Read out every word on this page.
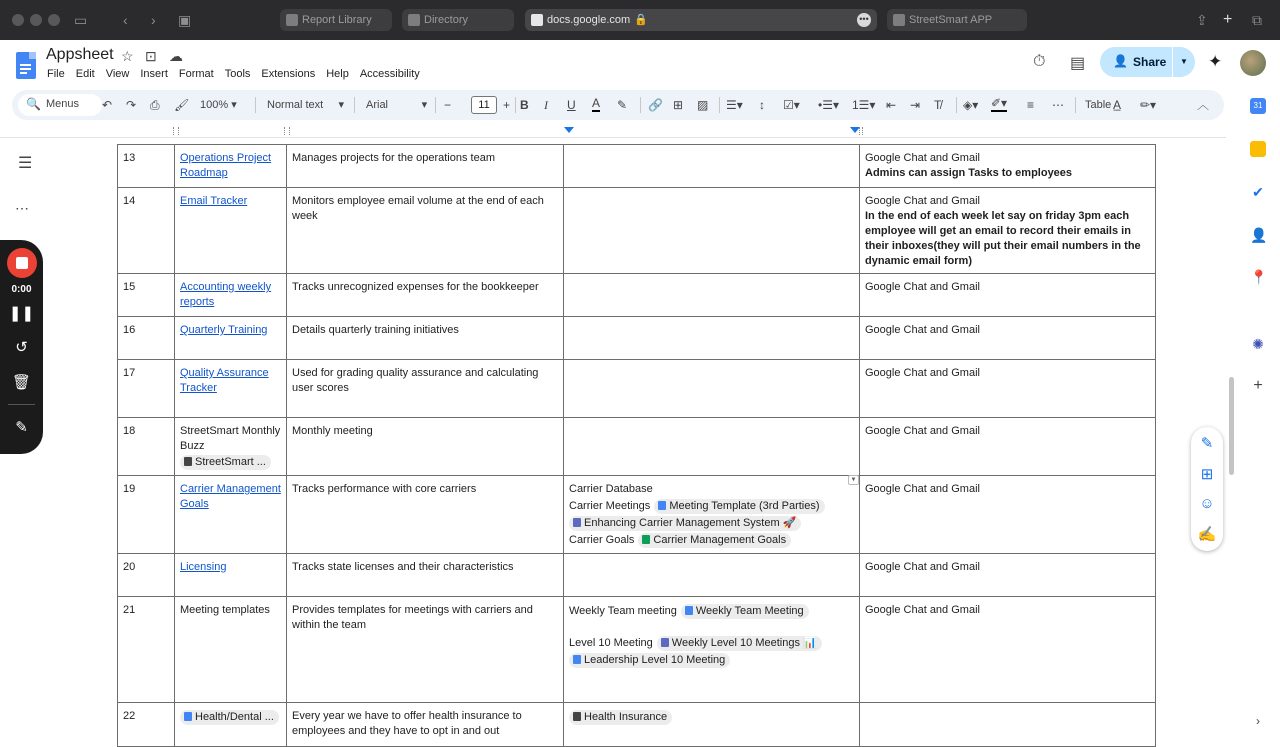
▭	‹ › ▣	Report Library	Directory	docs.google.com 🔒	•••	StreetSmart APP	⇪ + ⧉
Appsheet ☆ ⊡ ☁
File Edit View Insert Format Tools Extensions Help Accessibility
⏱ ▤ 👤 Share	▼	✦
🔍 Menus ↶ ↷ ⎙ 🖌 100% ▾	Normal text     ▾ Arial           ▾ −	11	+ B I U A ✎ 🔗 ⊞ ▨ ☰▾ ↕ ☑▾ •☰▾ 1☰▾ ⇤ ⇥ T̸ ◈▾ ✐▾ ≡ ⋯ Table A̲ ✏▾	︿
☰
⋯
0:00
❚❚
↺
🗑
✎
13	Operations Project Roadmap	Manages projects for the operations team		Google Chat and Gmail
Admins can assign Tasks to employees

14	Email Tracker	Monitors employee email volume at the end of each week		Google Chat and Gmail
In the end of each week let say on friday 3pm each employee will get an email to record their emails in their inboxes(they will put their email numbers in the dynamic email form)

15	Accounting weekly reports	Tracks unrecognized expenses for the bookkeeper		Google Chat and Gmail

16	Quarterly Training	Details quarterly training initiatives		Google Chat and Gmail

17	Quality Assurance Tracker	Used for grading quality assurance and calculating user scores		Google Chat and Gmail

18	StreetSmart Monthly Buzz
StreetSmart ...	Monthly meeting		Google Chat and Gmail

19	Carrier Management Goals	Tracks performance with core carriers	Carrier Database
Carrier Meetings Meeting Template (3rd Parties)
Enhancing Carrier Management System 🚀
Carrier Goals Carrier Management Goals	Google Chat and Gmail

20	Licensing	Tracks state licenses and their characteristics		Google Chat and Gmail

21	Meeting templates	Provides templates for meetings with carriers and within the team	Weekly Team meeting Weekly Team Meeting
Level 10 Meeting Weekly Level 10 Meetings 📊
Leadership Level 10 Meeting	Google Chat and Gmail

22	Health/Dental ...	Every year we have to offer health insurance to employees and they have to opt in and out	Health Insurance	

▼
31
✔
👤
📍
✺
+
›
✎
⊞
☺
✍
